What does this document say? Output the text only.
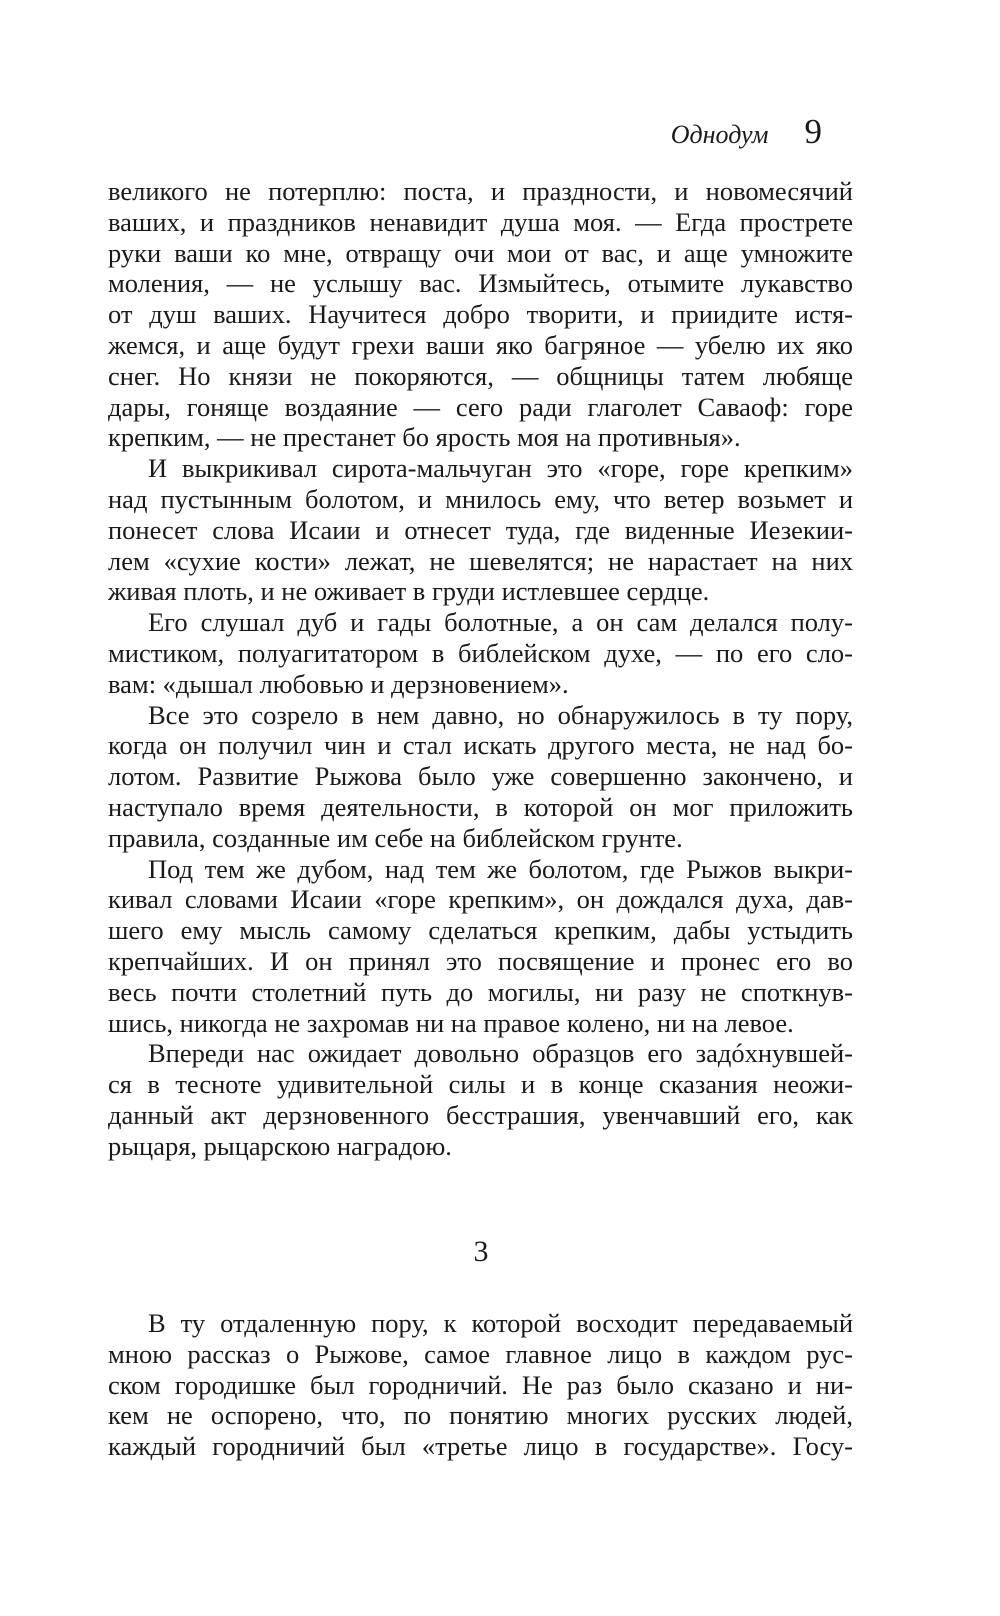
Однодум 9
великого не потерплю: поста, и праздности, и новомесячий
ваших, и праздников ненавидит душа моя. — Егда прострете
руки ваши ко мне, отвращу очи мои от вас, и аще умножите
моления, — не услышу вас. Измыйтесь, отымите лукавство
от душ ваших. Научитеся добро творити, и приидите истя-
жемся, и аще будут грехи ваши яко багряное — убелю их яко
снег. Но князи не покоряются, — общницы татем любяще
дары, гоняще воздаяние — сего ради глаголет Саваоф: горе
крепким, — не престанет бо ярость моя на противныя».
И выкрикивал сирота-мальчуган это «горе, горе крепким»
над пустынным болотом, и мнилось ему, что ветер возьмет и
понесет слова Исаии и отнесет туда, где виденные Иезекии-
лем «сухие кости» лежат, не шевелятся; не нарастает на них
живая плоть, и не оживает в груди истлевшее сердце.
Его слушал дуб и гады болотные, а он сам делался полу-
мистиком, полуагитатором в библейском духе, — по его сло-
вам: «дышал любовью и дерзновением».
Все это созрело в нем давно, но обнаружилось в ту пору,
когда он получил чин и стал искать другого места, не над бо-
лотом. Развитие Рыжова было уже совершенно закончено, и
наступало время деятельности, в которой он мог приложить
правила, созданные им себе на библейском грунте.
Под тем же дубом, над тем же болотом, где Рыжов выкри-
кивал словами Исаии «горе крепким», он дождался духа, дав-
шего ему мысль самому сделаться крепким, дабы устыдить
крепчайших. И он принял это посвящение и пронес его во
весь почти столетний путь до могилы, ни разу не споткнув-
шись, никогда не захромав ни на правое колено, ни на левое.
Впереди нас ожидает довольно образцов его задóхнувшей-
ся в тесноте удивительной силы и в конце сказания неожи-
данный акт дерзновенного бесстрашия, увенчавший его, как
рыцаря, рыцарскою наградою.
3
В ту отдаленную пору, к которой восходит передаваемый
мною рассказ о Рыжове, самое главное лицо в каждом рус-
ском городишке был городничий. Не раз было сказано и ни-
кем не оспорено, что, по понятию многих русских людей,
каждый городничий был «третье лицо в государстве». Госу-
